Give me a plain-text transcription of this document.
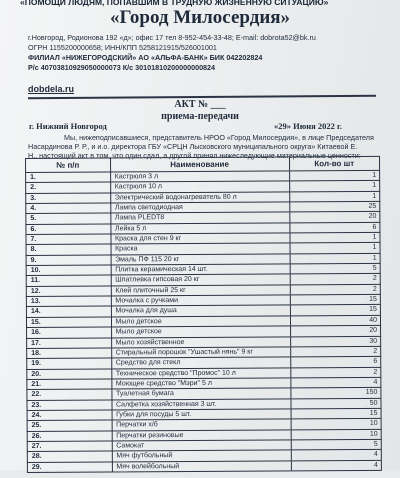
«ПОМОЩИ ЛЮДЯМ, ПОПАВШИМ В ТРУДНУЮ ЖИЗНЕННУЮ СИТУАЦИЮ»
«Город Милосердия»
г.Новгород, Родионова 192 «д»; офис 17 тел 8-952-454-33-48; E-mail: dobrota52@bk.ru
ОГРН 1155200000658; ИНН/КПП 5258121915/526001001
ФИЛИАЛ «НИЖЕГОРОДСКИЙ» АО «АЛЬФА-БАНК» БИК 042202824
Р/с 40703810929050000073 К/с 30101810200000000824
dobdela.ru
АКТ № ___
приема-передачи
г. Нижний Новгород	«29» Июня 2022 г.
Мы, нижеподписавшиеся, представитель НРОО «Город Милосердия», в лице Председателя
Насардинова Р. Р., и и.о. директора ГБУ «СРЦН Лысковского муниципального округа» Китаевой Е.
Н., настоящий акт в том, что один сдал, а другой принял нижеследующие материальные ценности:
№ п/п	Наименование	Кол-во шт
1.	Кастрюля 3 л	1
2.	Кастрюля 10 л	1
3.	Электрический водонагреватель 80 л	1
4.	Лампа светодиодная	25
5.	Лампа PLEDT8	20
6.	Лейка 5 л	6
7.	Краска для стен 9 кг	1
8.	Краска	1
9.	Эмаль ПФ 115 20 кг	1
10.	Плитка керамическая 14 шт.	5
11.	Шпатлевка гипсовая 20 кг	2
12.	Клей плиточный 25 кг	2
13.	Мочалка с ручками	15
14.	Мочалка для душа	15
15.	Мыло детское	40
16.	Мыло детское	20
17.	Мыло хозяйственное	30
18.	Стиральный порошок "Ушастый нянь" 9 кг	2
19.	Средство для стекл	6
20.	Техническое средство "Промос" 10 л	2
21.	Моющее средство "Мэри" 5 л	4
22.	Туалетная бумага	150
23.	Салфетка хозяйственная 3 шт.	50
24.	Губки для посуды 5 шт.	15
25.	Перчатки х/б	10
26.	Перчатки резиновые	10
27.	Самокат	5
28.	Мяч футбольный	4
29.	Мяч волейбольный	4
